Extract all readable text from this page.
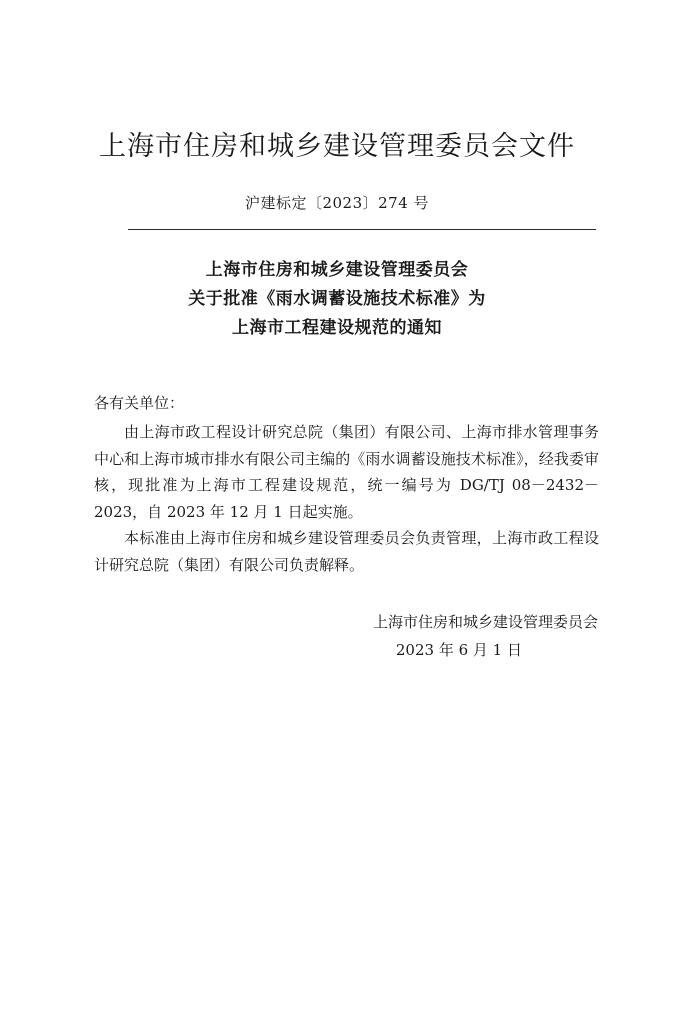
上海市住房和城乡建设管理委员会文件
沪建标定〔2023〕274 号
上海市住房和城乡建设管理委员会
关于批准《雨水调蓄设施技术标准》为
上海市工程建设规范的通知
各有关单位：

由上海市政工程设计研究总院（集团）有限公司、上海市排水管理事务中心和上海市城市排水有限公司主编的《雨水调蓄设施技术标准》，经我委审核，现批准为上海市工程建设规范，统一编号为 DG/TJ 08－2432－2023，自 2023 年 12 月 1 日起实施。

本标准由上海市住房和城乡建设管理委员会负责管理，上海市政工程设计研究总院（集团）有限公司负责解释。

上海市住房和城乡建设管理委员会
2023 年 6 月 1 日
